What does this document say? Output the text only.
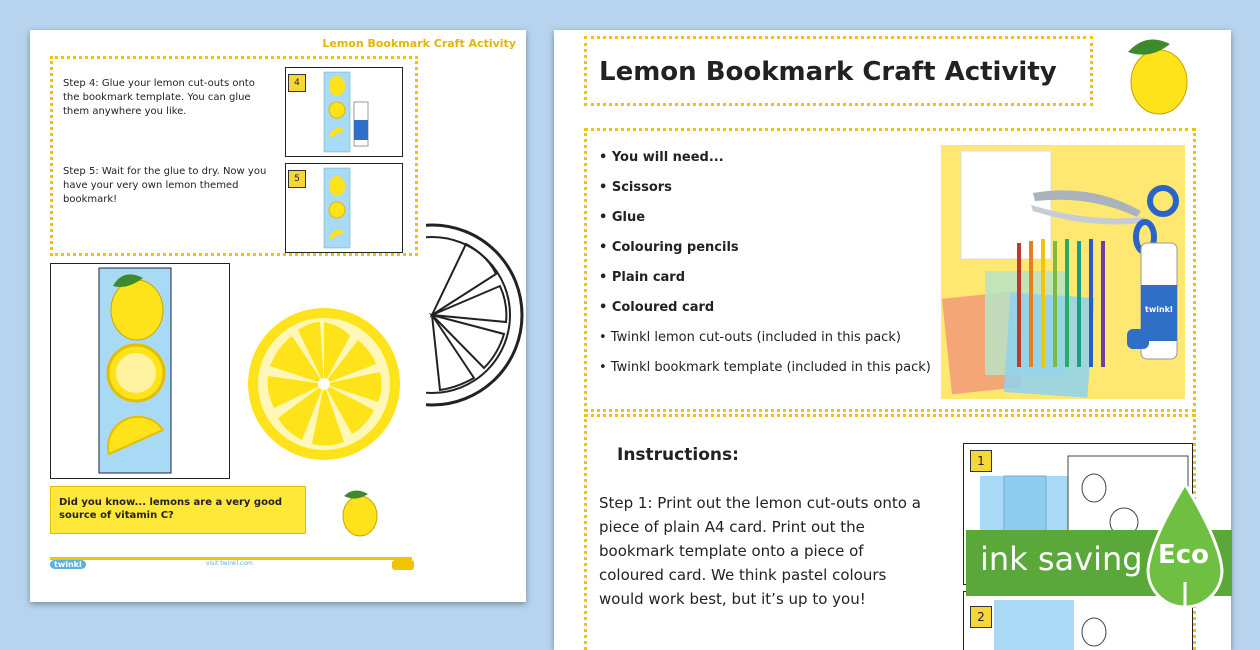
Lemon Bookmark Craft Activity
Step 4: Glue your lemon cut-outs onto the bookmark template. You can glue them anywhere you like.
Step 5: Wait for the glue to dry. Now you have your very own lemon themed bookmark!
4
5
Did you know... lemons are a very good source of vitamin C?
twinkl	visit twinkl.com
Lemon Bookmark Craft Activity
• You will need...
• Scissors
• Glue
• Colouring pencils
• Plain card
• Coloured card
• Twinkl lemon cut-outs (included in this pack)
• Twinkl bookmark template (included in this pack)
twinkl
Instructions:
Step 1: Print out the lemon cut-outs onto a piece of plain A4 card. Print out the bookmark template onto a piece of coloured card. We think pastel colours would work best, but it’s up to you!
1
2
ink saving Eco
